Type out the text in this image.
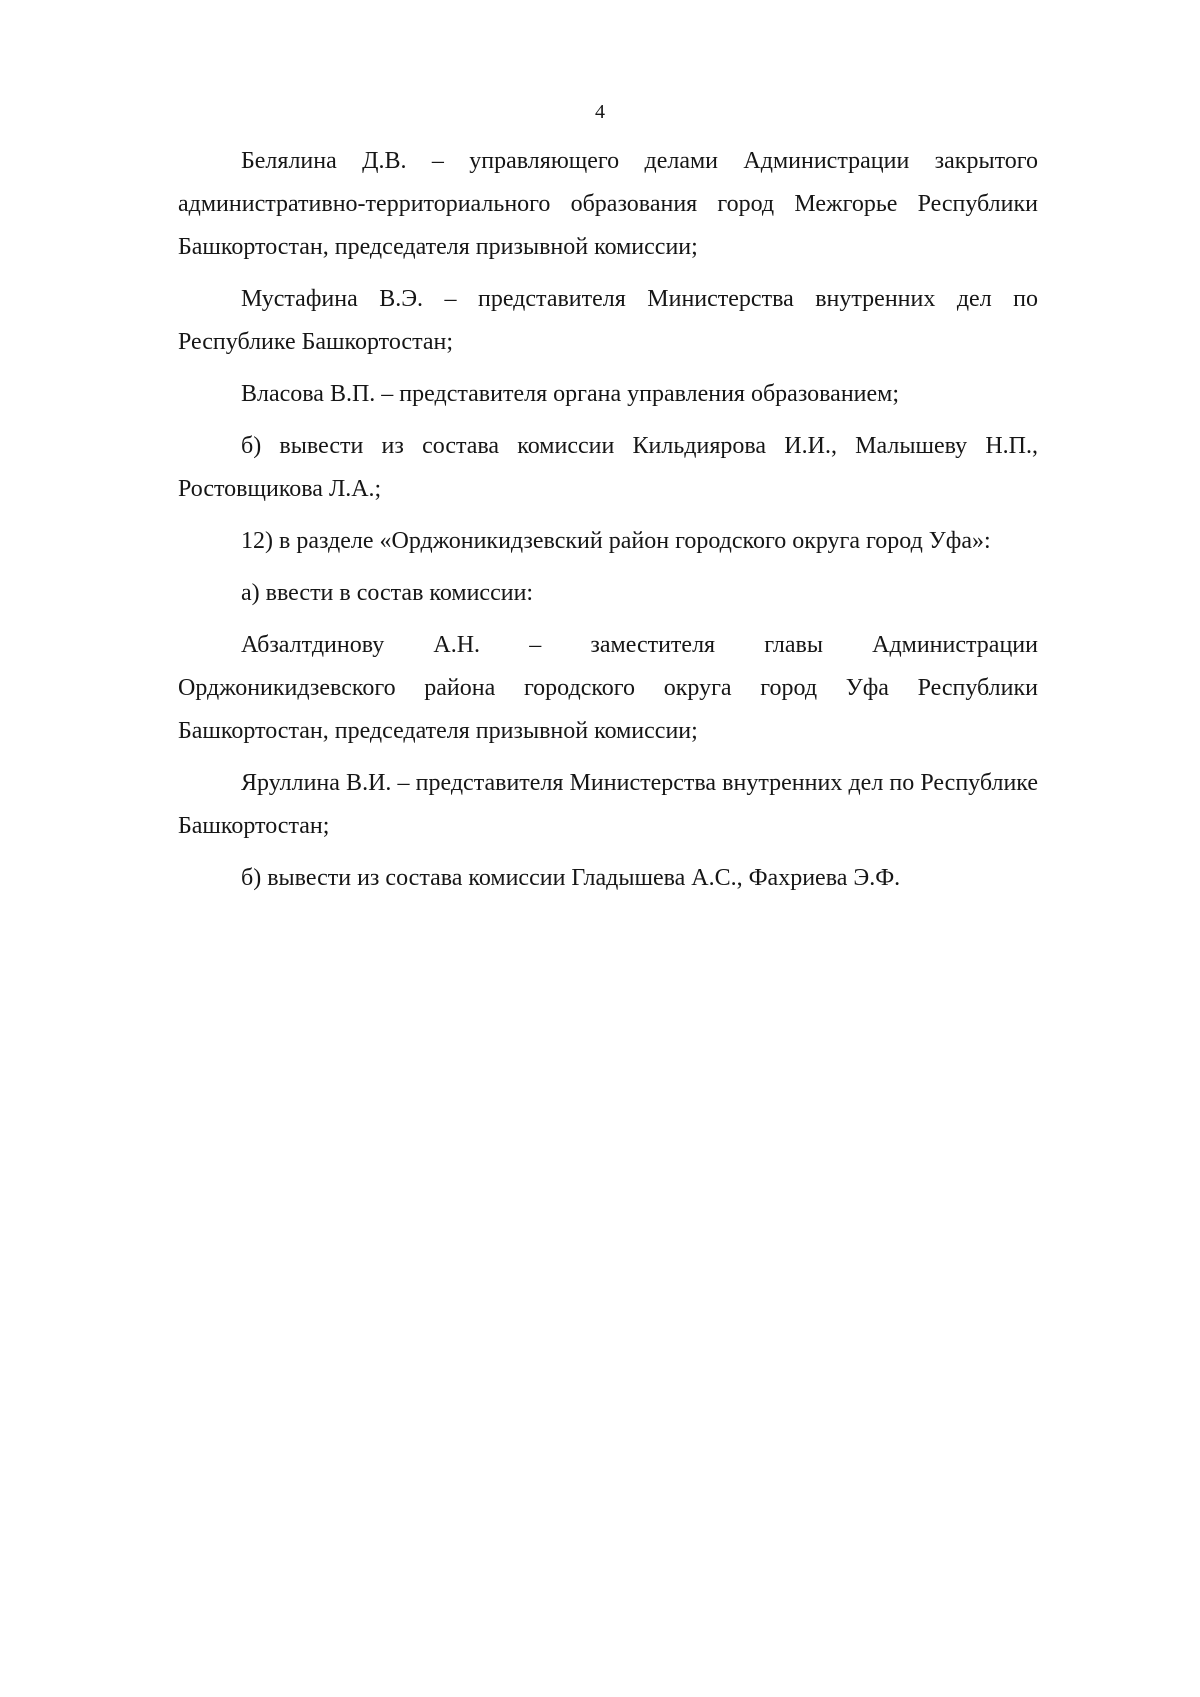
4

Белялина Д.В. – управляющего делами Администрации закрытого административно-территориального образования город Межгорье Республики Башкортостан, председателя призывной комиссии;

Мустафина В.Э. – представителя Министерства внутренних дел по Республике Башкортостан;

Власова В.П. – представителя органа управления образованием;

б) вывести из состава комиссии Кильдиярова И.И., Малышеву Н.П., Ростовщикова Л.А.;

12) в разделе «Орджоникидзевский район городского округа город Уфа»:

а) ввести в состав комиссии:

Абзалтдинову А.Н. – заместителя главы Администрации Орджоникидзевского района городского округа город Уфа Республики Башкортостан, председателя призывной комиссии;

Яруллина В.И. – представителя Министерства внутренних дел по Республике Башкортостан;

б) вывести из состава комиссии Гладышева А.С., Фахриева Э.Ф.
